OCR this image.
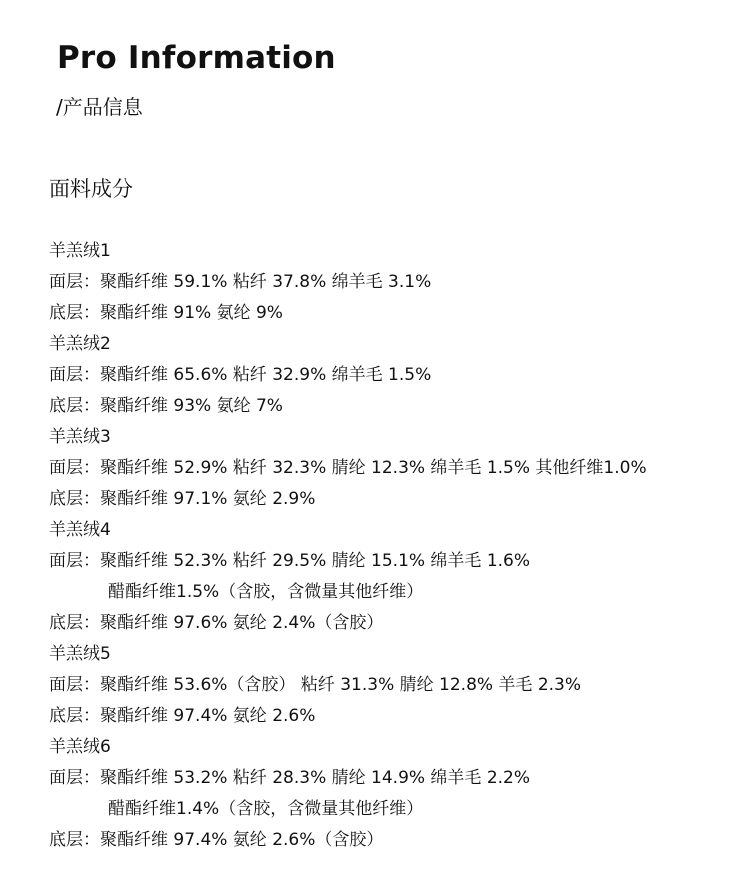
Pro Information
/产品信息
面料成分
羊羔绒1
面层：聚酯纤维 59.1% 粘纤 37.8% 绵羊毛 3.1%
底层：聚酯纤维 91% 氨纶 9%
羊羔绒2
面层：聚酯纤维 65.6% 粘纤 32.9% 绵羊毛 1.5%
底层：聚酯纤维 93% 氨纶 7%
羊羔绒3
面层：聚酯纤维 52.9% 粘纤 32.3% 腈纶 12.3% 绵羊毛 1.5% 其他纤维1.0%
底层：聚酯纤维 97.1% 氨纶 2.9%
羊羔绒4
面层：聚酯纤维 52.3% 粘纤 29.5% 腈纶 15.1% 绵羊毛 1.6%
醋酯纤维1.5%（含胶，含微量其他纤维）
底层：聚酯纤维 97.6% 氨纶 2.4%（含胶）
羊羔绒5
面层：聚酯纤维 53.6%（含胶） 粘纤 31.3% 腈纶 12.8% 羊毛 2.3%
底层：聚酯纤维 97.4% 氨纶 2.6%
羊羔绒6
面层：聚酯纤维 53.2% 粘纤 28.3% 腈纶 14.9% 绵羊毛 2.2%
醋酯纤维1.4%（含胶，含微量其他纤维）
底层：聚酯纤维 97.4% 氨纶 2.6%（含胶）
